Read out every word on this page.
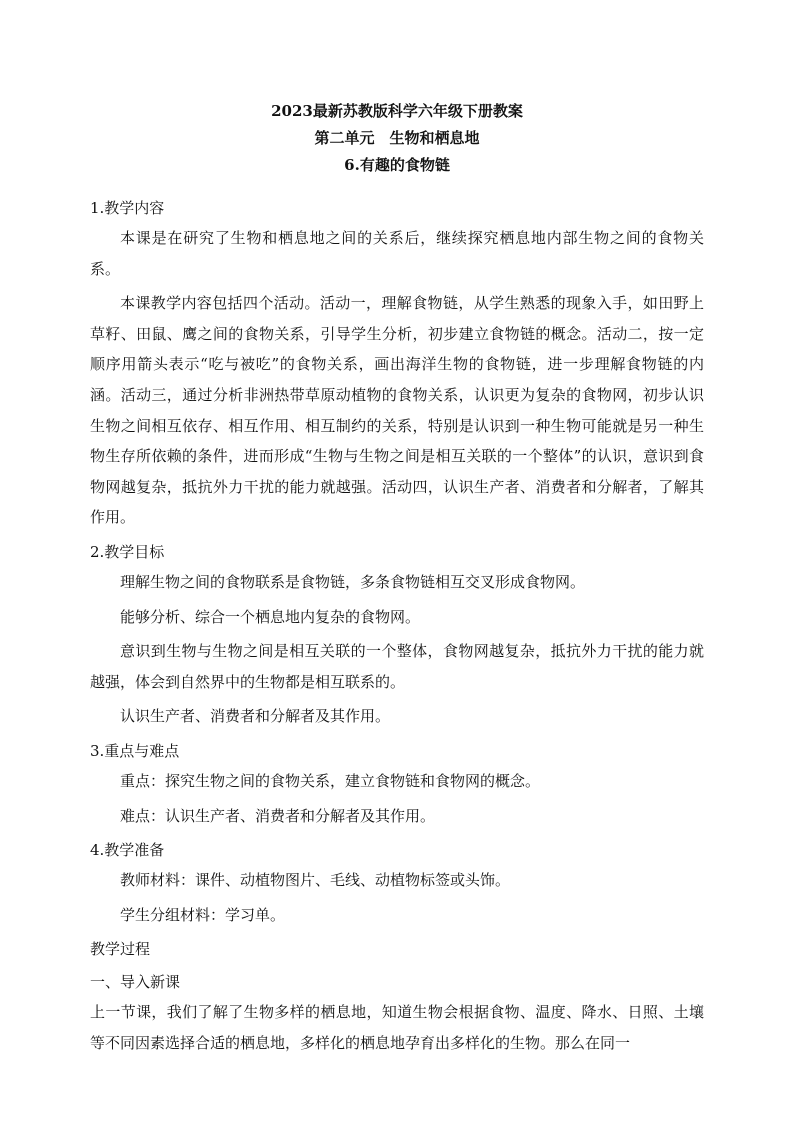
2023最新苏教版科学六年级下册教案
第二单元　生物和栖息地
6.有趣的食物链
1.教学内容

本课是在研究了生物和栖息地之间的关系后，继续探究栖息地内部生物之间的食物关系。

本课教学内容包括四个活动。活动一，理解食物链，从学生熟悉的现象入手，如田野上草籽、田鼠、鹰之间的食物关系，引导学生分析，初步建立食物链的概念。活动二，按一定顺序用箭头表示“吃与被吃”的食物关系，画出海洋生物的食物链，进一步理解食物链的内涵。活动三，通过分析非洲热带草原动植物的食物关系，认识更为复杂的食物网，初步认识生物之间相互依存、相互作用、相互制约的关系，特别是认识到一种生物可能就是另一种生物生存所依赖的条件，进而形成“生物与生物之间是相互关联的一个整体”的认识，意识到食物网越复杂，抵抗外力干扰的能力就越强。活动四，认识生产者、消费者和分解者，了解其作用。

2.教学目标

理解生物之间的食物联系是食物链，多条食物链相互交叉形成食物网。

能够分析、综合一个栖息地内复杂的食物网。

意识到生物与生物之间是相互关联的一个整体，食物网越复杂，抵抗外力干扰的能力就越强，体会到自然界中的生物都是相互联系的。

认识生产者、消费者和分解者及其作用。

3.重点与难点

重点：探究生物之间的食物关系，建立食物链和食物网的概念。

难点：认识生产者、消费者和分解者及其作用。

4.教学准备

教师材料：课件、动植物图片、毛线、动植物标签或头饰。

学生分组材料：学习单。

教学过程
一、导入新课

上一节课，我们了解了生物多样的栖息地，知道生物会根据食物、温度、降水、日照、土壤等不同因素选择合适的栖息地，多样化的栖息地孕育出多样化的生物。那么在同一
